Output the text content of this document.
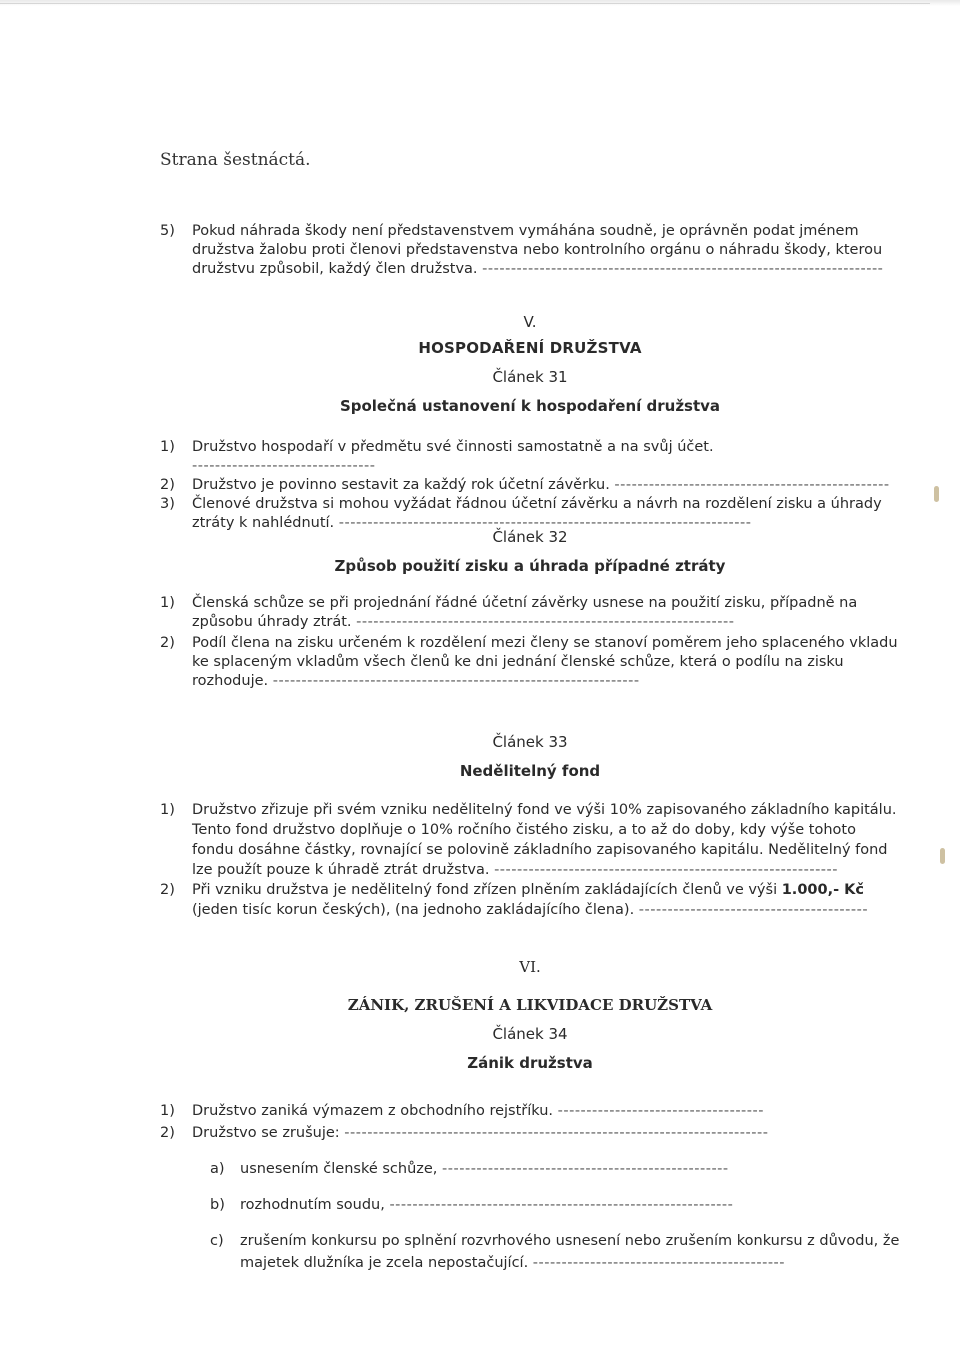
Strana šestnáctá.
5)	Pokud náhrada škody není představenstvem vymáhána soudně, je oprávněn podat jménem družstva žalobu proti členovi představenstva nebo kontrolního orgánu o náhradu škody, kterou družstvu způsobil, každý člen družstva. ----------------------------------------------------------------------
V.
HOSPODAŘENÍ DRUŽSTVA
Článek 31
Společná ustanovení k hospodaření družstva
1)	Družstvo hospodaří v předmětu své činnosti samostatně a na svůj účet. --------------------------------
2)	Družstvo je povinno sestavit za každý rok účetní závěrku. ------------------------------------------------
3)	Členové družstva si mohou vyžádat řádnou účetní závěrku a návrh na rozdělení zisku a úhrady ztráty k nahlédnutí. ------------------------------------------------------------------------
Článek 32
Způsob použití zisku a úhrada případné ztráty
1)	Členská schůze se při projednání řádné účetní závěrky usnese na použití zisku, případně na způsobu úhrady ztrát. ------------------------------------------------------------------
2)	Podíl člena na zisku určeném k rozdělení mezi členy se stanoví poměrem jeho splaceného vkladu ke splaceným vkladům všech členů ke dni jednání členské schůze, která o podílu na zisku rozhoduje. ----------------------------------------------------------------
Článek 33
Nedělitelný fond
1)	Družstvo zřizuje při svém vzniku nedělitelný fond ve výši 10% zapisovaného základního kapitálu. Tento fond družstvo doplňuje o 10% ročního čistého zisku, a to až do doby, kdy výše tohoto fondu dosáhne částky, rovnající se polovině základního zapisovaného kapitálu. Nedělitelný fond lze použít pouze k úhradě ztrát družstva. ------------------------------------------------------------
2)	Při vzniku družstva je nedělitelný fond zřízen plněním zakládajících členů ve výši 1.000,- Kč (jeden tisíc korun českých), (na jednoho zakládajícího člena). ----------------------------------------
VI.
ZÁNIK, ZRUŠENÍ A LIKVIDACE DRUŽSTVA
Článek 34
Zánik družstva
1)	Družstvo zaniká výmazem z obchodního rejstříku. ------------------------------------
2)	Družstvo se zrušuje: --------------------------------------------------------------------------
a)	usnesením členské schůze, --------------------------------------------------
b)	rozhodnutím soudu, ------------------------------------------------------------
c)	zrušením konkursu po splnění rozvrhového usnesení nebo zrušením konkursu z důvodu, že majetek dlužníka je zcela nepostačující. --------------------------------------------
